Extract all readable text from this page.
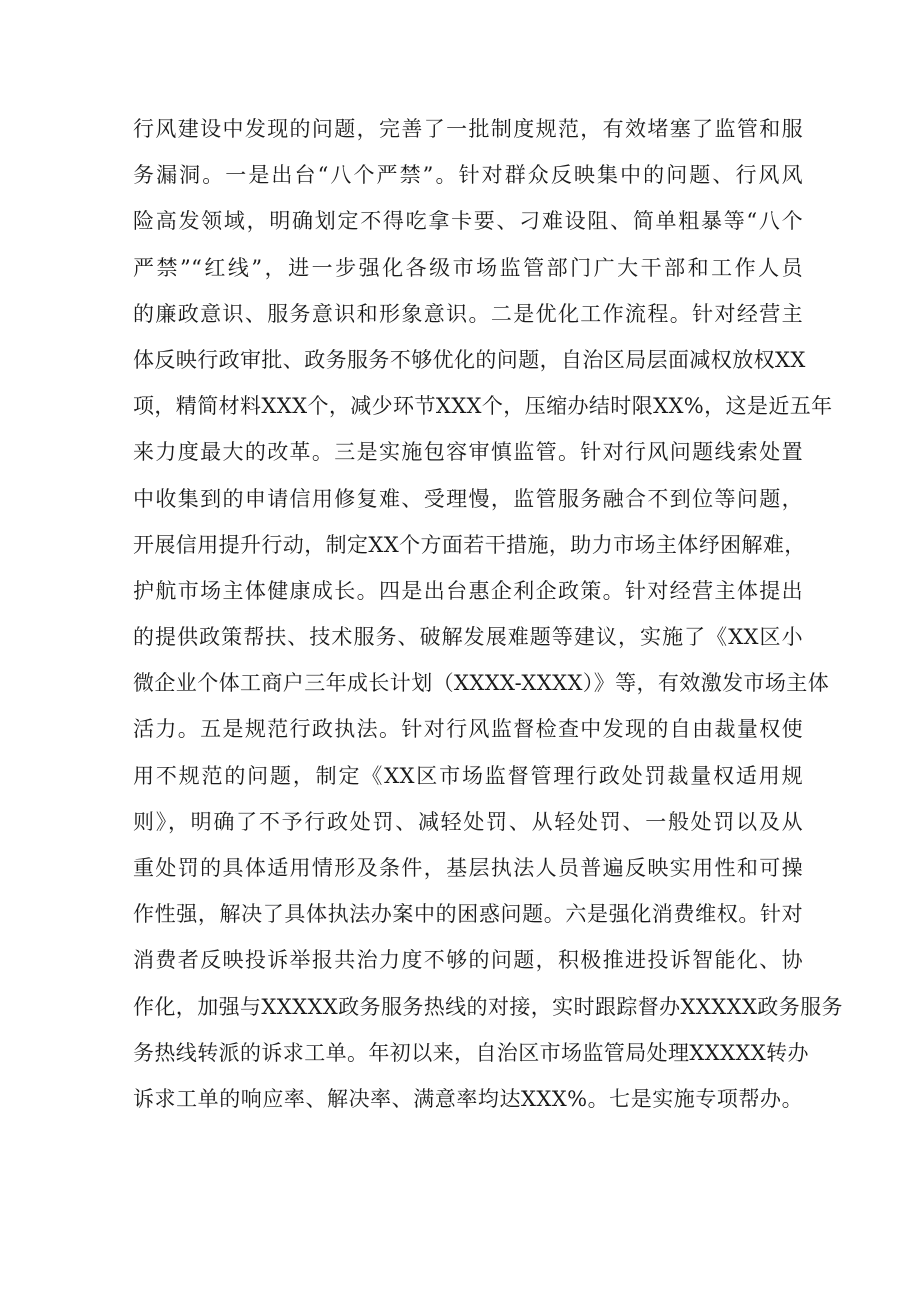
行风建设中发现的问题，完善了一批制度规范，有效堵塞了监管和服
务漏洞。一是出台“八个严禁”。针对群众反映集中的问题、行风风
险高发领域，明确划定不得吃拿卡要、刁难设阻、简单粗暴等“八个
严禁”“红线”，进一步强化各级市场监管部门广大干部和工作人员
的廉政意识、服务意识和形象意识。二是优化工作流程。针对经营主
体反映行政审批、政务服务不够优化的问题，自治区局层面减权放权XX
项，精简材料XXX个，减少环节XXX个，压缩办结时限XX%，这是近五年
来力度最大的改革。三是实施包容审慎监管。针对行风问题线索处置
中收集到的申请信用修复难、受理慢，监管服务融合不到位等问题，
开展信用提升行动，制定XX个方面若干措施，助力市场主体纾困解难，
护航市场主体健康成长。四是出台惠企利企政策。针对经营主体提出
的提供政策帮扶、技术服务、破解发展难题等建议，实施了《XX区小
微企业个体工商户三年成长计划（XXXX-XXXX）》等，有效激发市场主体
活力。五是规范行政执法。针对行风监督检查中发现的自由裁量权使
用不规范的问题，制定《XX区市场监督管理行政处罚裁量权适用规
则》，明确了不予行政处罚、减轻处罚、从轻处罚、一般处罚以及从
重处罚的具体适用情形及条件，基层执法人员普遍反映实用性和可操
作性强，解决了具体执法办案中的困惑问题。六是强化消费维权。针对
消费者反映投诉举报共治力度不够的问题，积极推进投诉智能化、协
作化，加强与XXXXX政务服务热线的对接，实时跟踪督办XXXXX政务服务
务热线转派的诉求工单。年初以来，自治区市场监管局处理XXXXX转办
诉求工单的响应率、解决率、满意率均达XXX%。七是实施专项帮办。
